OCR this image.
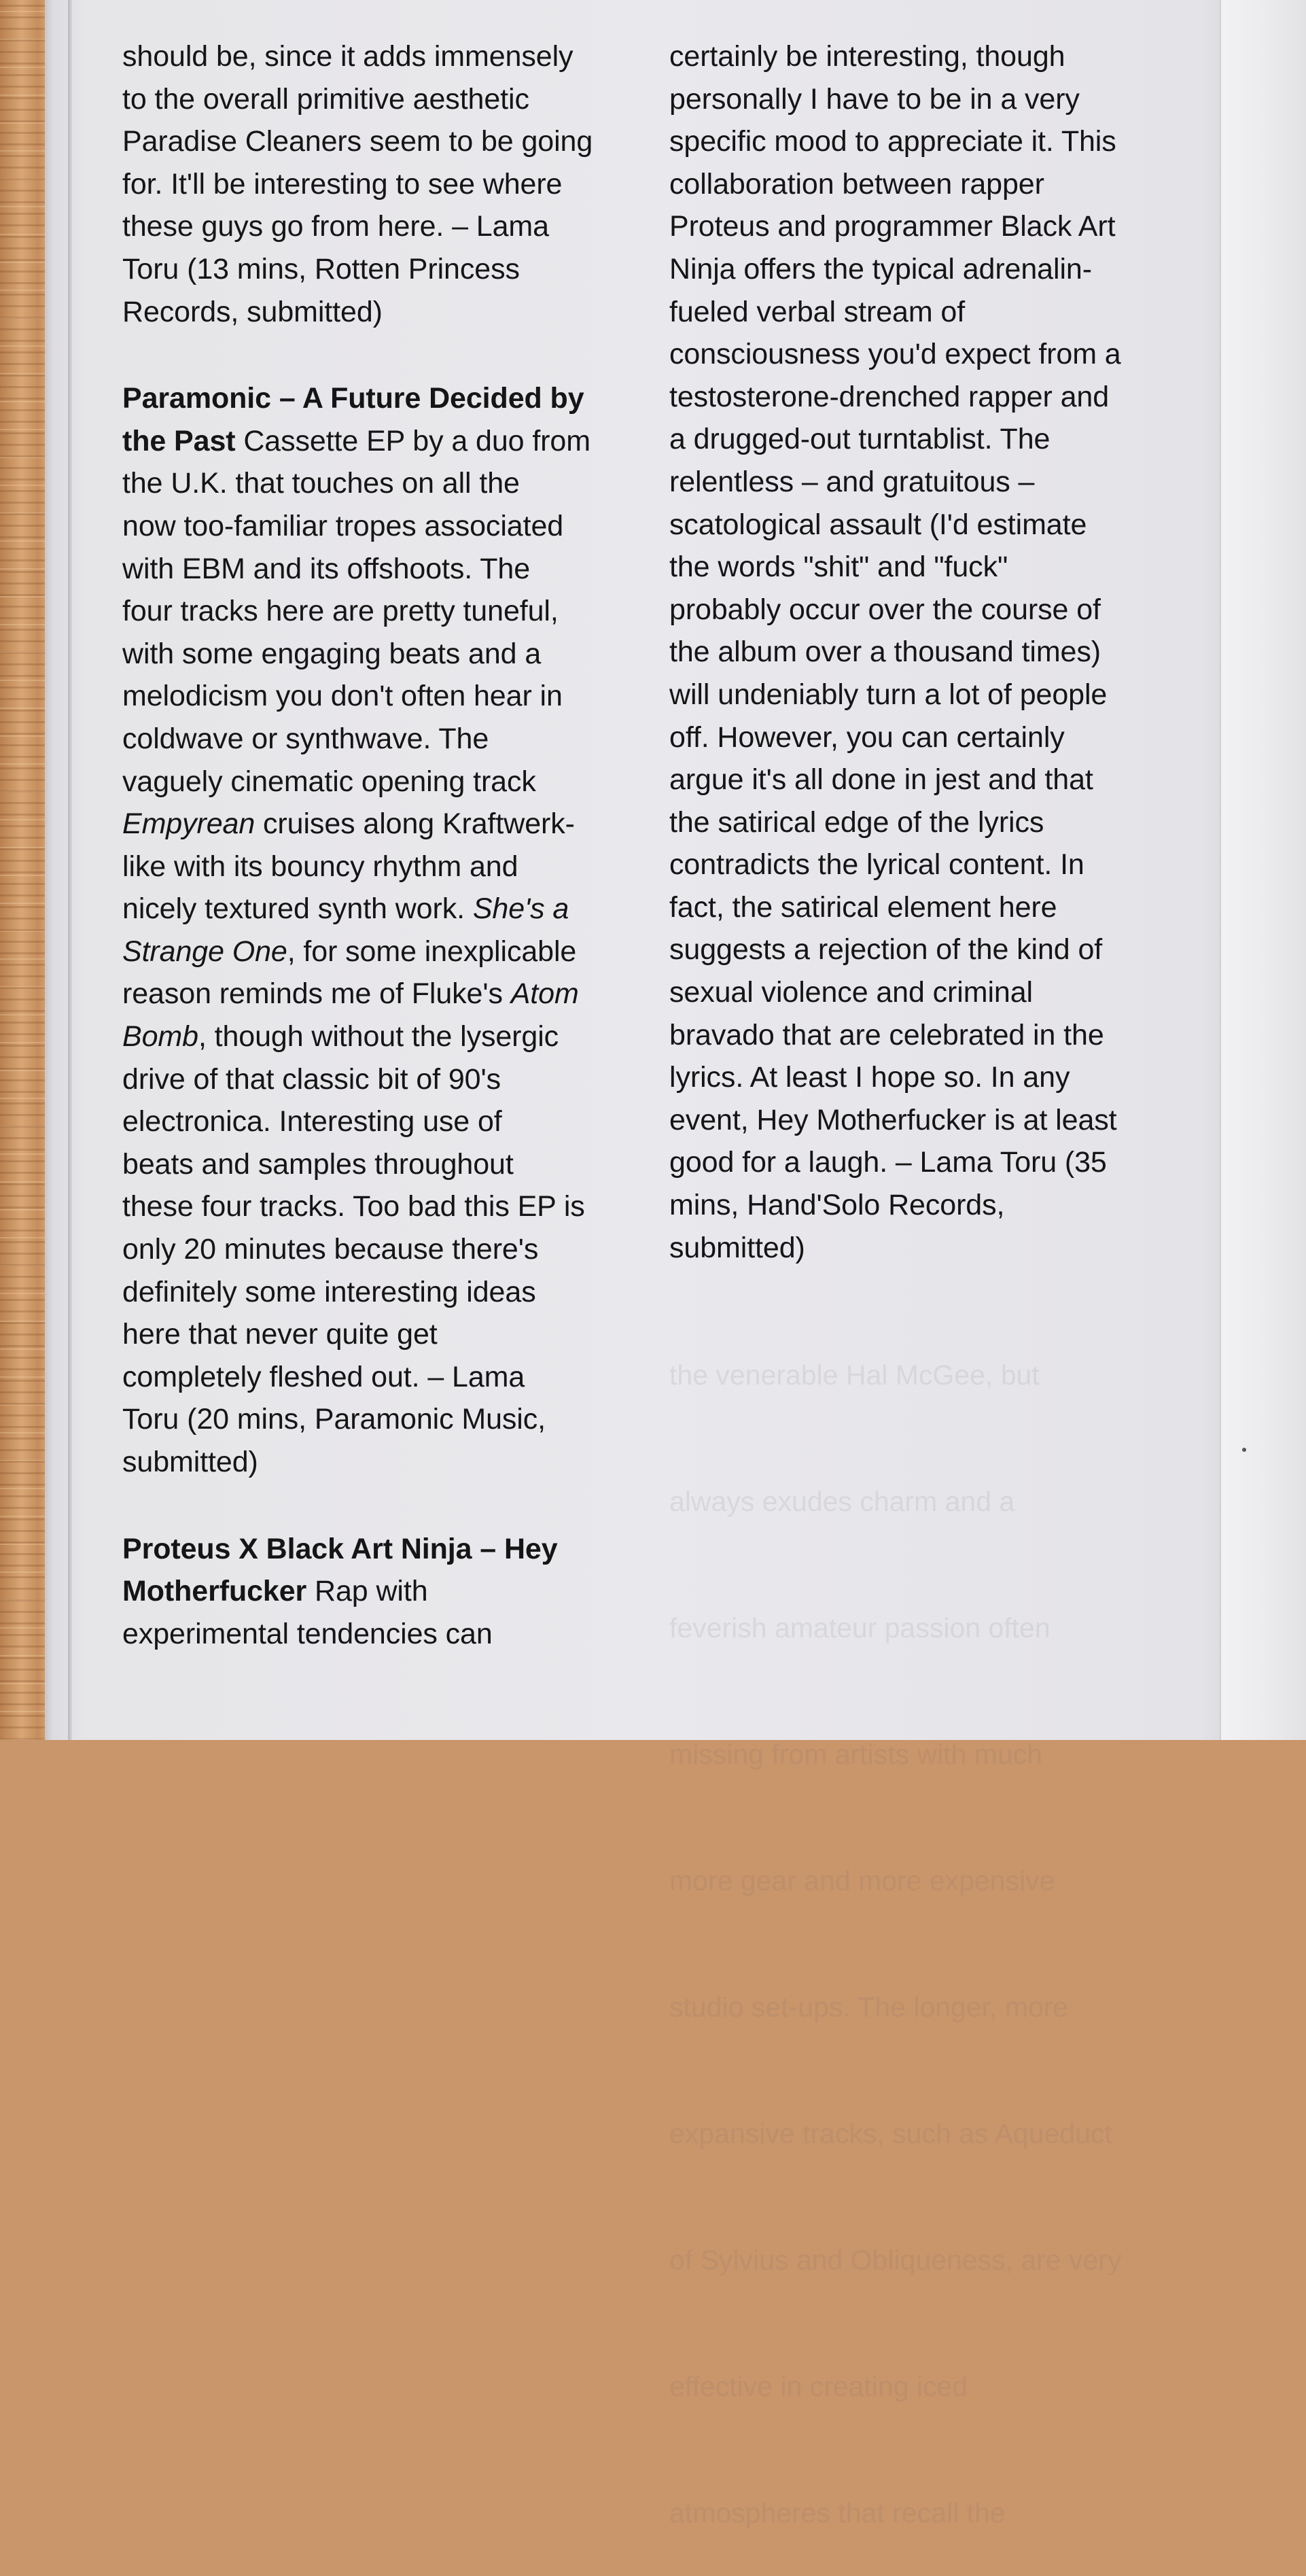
the venerable Hal McGee, but

always exudes charm and a

feverish amateur passion often

missing from artists with much

more gear and more expensive

studio set-ups. The longer, more

expansive tracks, such as Aqueduct

of Sylvius and Obliqueness, are very

effective in creating iced

atmospheres that recall the

should be, since it adds immensely

to the overall primitive aesthetic

Paradise Cleaners seem to be going

for. It'll be interesting to see where

these guys go from here. – Lama

Toru (13 mins, Rotten Princess

Records, submitted)

Paramonic – A Future Decided by

the Past Cassette EP by a duo from

the U.K. that touches on all the

now too-familiar tropes associated

with EBM and its offshoots. The

four tracks here are pretty tuneful,

with some engaging beats and a

melodicism you don't often hear in

coldwave or synthwave. The

vaguely cinematic opening track

Empyrean cruises along Kraftwerk-

like with its bouncy rhythm and

nicely textured synth work. She's a

Strange One, for some inexplicable

reason reminds me of Fluke's Atom

Bomb, though without the lysergic

drive of that classic bit of 90's

electronica. Interesting use of

beats and samples throughout

these four tracks. Too bad this EP is

only 20 minutes because there's

definitely some interesting ideas

here that never quite get

completely fleshed out. – Lama

Toru (20 mins, Paramonic Music,

submitted)

Proteus X Black Art Ninja – Hey

Motherfucker Rap with

experimental tendencies can

certainly be interesting, though

personally I have to be in a very

specific mood to appreciate it. This

collaboration between rapper

Proteus and programmer Black Art

Ninja offers the typical adrenalin-

fueled verbal stream of

consciousness you'd expect from a

testosterone-drenched rapper and

a drugged-out turntablist. The

relentless – and gratuitous –

scatological assault (I'd estimate

the words "shit" and "fuck"

probably occur over the course of

the album over a thousand times)

will undeniably turn a lot of people

off. However, you can certainly

argue it's all done in jest and that

the satirical edge of the lyrics

contradicts the lyrical content. In

fact, the satirical element here

suggests a rejection of the kind of

sexual violence and criminal

bravado that are celebrated in the

lyrics. At least I hope so. In any

event, Hey Motherfucker is at least

good for a laugh. – Lama Toru (35

mins, Hand'Solo Records,

submitted)
